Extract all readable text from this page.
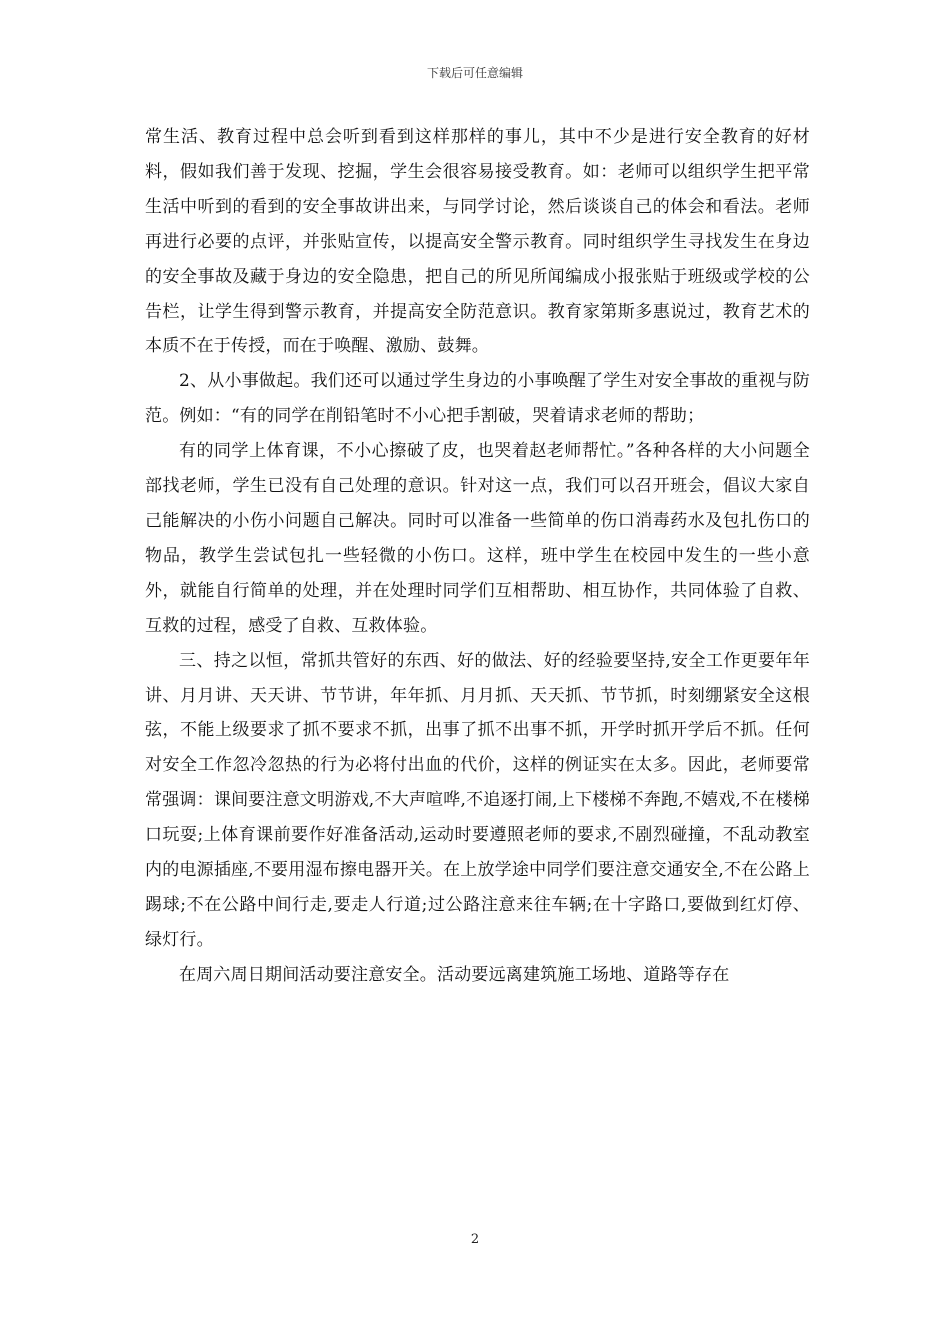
下载后可任意编辑

常生活、教育过程中总会听到看到这样那样的事儿，其中不少是进行安全教育的好材料，假如我们善于发现、挖掘，学生会很容易接受教育。如：老师可以组织学生把平常生活中听到的看到的安全事故讲出来，与同学讨论，然后谈谈自己的体会和看法。老师再进行必要的点评，并张贴宣传，以提高安全警示教育。同时组织学生寻找发生在身边的安全事故及藏于身边的安全隐患，把自己的所见所闻编成小报张贴于班级或学校的公告栏，让学生得到警示教育，并提高安全防范意识。教育家第斯多惠说过，教育艺术的本质不在于传授，而在于唤醒、激励、鼓舞。

2、从小事做起。我们还可以通过学生身边的小事唤醒了学生对安全事故的重视与防范。例如：“有的同学在削铅笔时不小心把手割破，哭着请求老师的帮助；

有的同学上体育课，不小心擦破了皮，也哭着赵老师帮忙。”各种各样的大小问题全部找老师，学生已没有自己处理的意识。针对这一点，我们可以召开班会，倡议大家自己能解决的小伤小问题自己解决。同时可以准备一些简单的伤口消毒药水及包扎伤口的物品，教学生尝试包扎一些轻微的小伤口。这样，班中学生在校园中发生的一些小意外，就能自行简单的处理，并在处理时同学们互相帮助、相互协作，共同体验了自救、互救的过程，感受了自救、互救体验。

三、持之以恒，常抓共管好的东西、好的做法、好的经验要坚持,安全工作更要年年讲、月月讲、天天讲、节节讲，年年抓、月月抓、天天抓、节节抓，时刻绷紧安全这根弦，不能上级要求了抓不要求不抓，出事了抓不出事不抓，开学时抓开学后不抓。任何对安全工作忽冷忽热的行为必将付出血的代价，这样的例证实在太多。因此，老师要常常强调：课间要注意文明游戏,不大声喧哗,不追逐打闹,上下楼梯不奔跑,不嬉戏,不在楼梯口玩耍;上体育课前要作好准备活动,运动时要遵照老师的要求,不剧烈碰撞，不乱动教室内的电源插座,不要用湿布擦电器开关。在上放学途中同学们要注意交通安全,不在公路上踢球;不在公路中间行走,要走人行道;过公路注意来往车辆;在十字路口,要做到红灯停、绿灯行。

在周六周日期间活动要注意安全。活动要远离建筑施工场地、道路等存在

2
